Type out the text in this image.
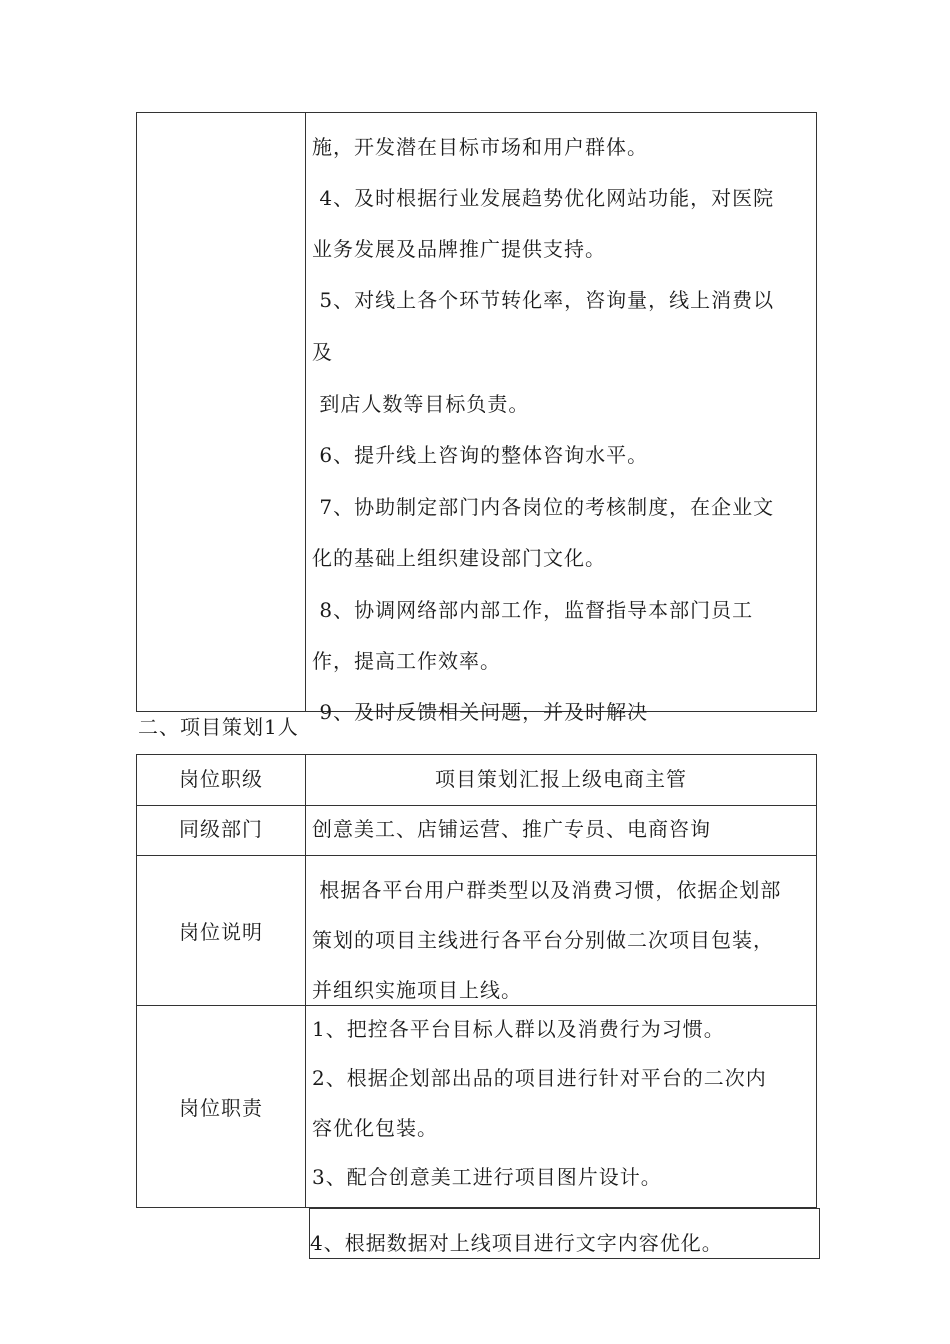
施，开发潜在目标市场和用户群体。
4、及时根据行业发展趋势优化网站功能，对医院
业务发展及品牌推广提供支持。
5、对线上各个环节转化率，咨询量，线上消费以
及
到店人数等目标负责。
6、提升线上咨询的整体咨询水平。
7、协助制定部门内各岗位的考核制度，在企业文
化的基础上组织建设部门文化。
8、协调网络部内部工作，监督指导本部门员工
作，提高工作效率。
9、及时反馈相关问题，并及时解决
二、项目策划1人
岗位职级	项目策划汇报上级电商主管
同级部门	创意美工、店铺运营、推广专员、电商咨询
岗位说明
根据各平台用户群类型以及消费习惯，依据企划部
策划的项目主线进行各平台分别做二次项目包装，
并组织实施项目上线。
岗位职责
1、把控各平台目标人群以及消费行为习惯。
2、根据企划部出品的项目进行针对平台的二次内
容优化包装。
3、配合创意美工进行项目图片设计。
4、根据数据对上线项目进行文字内容优化。
